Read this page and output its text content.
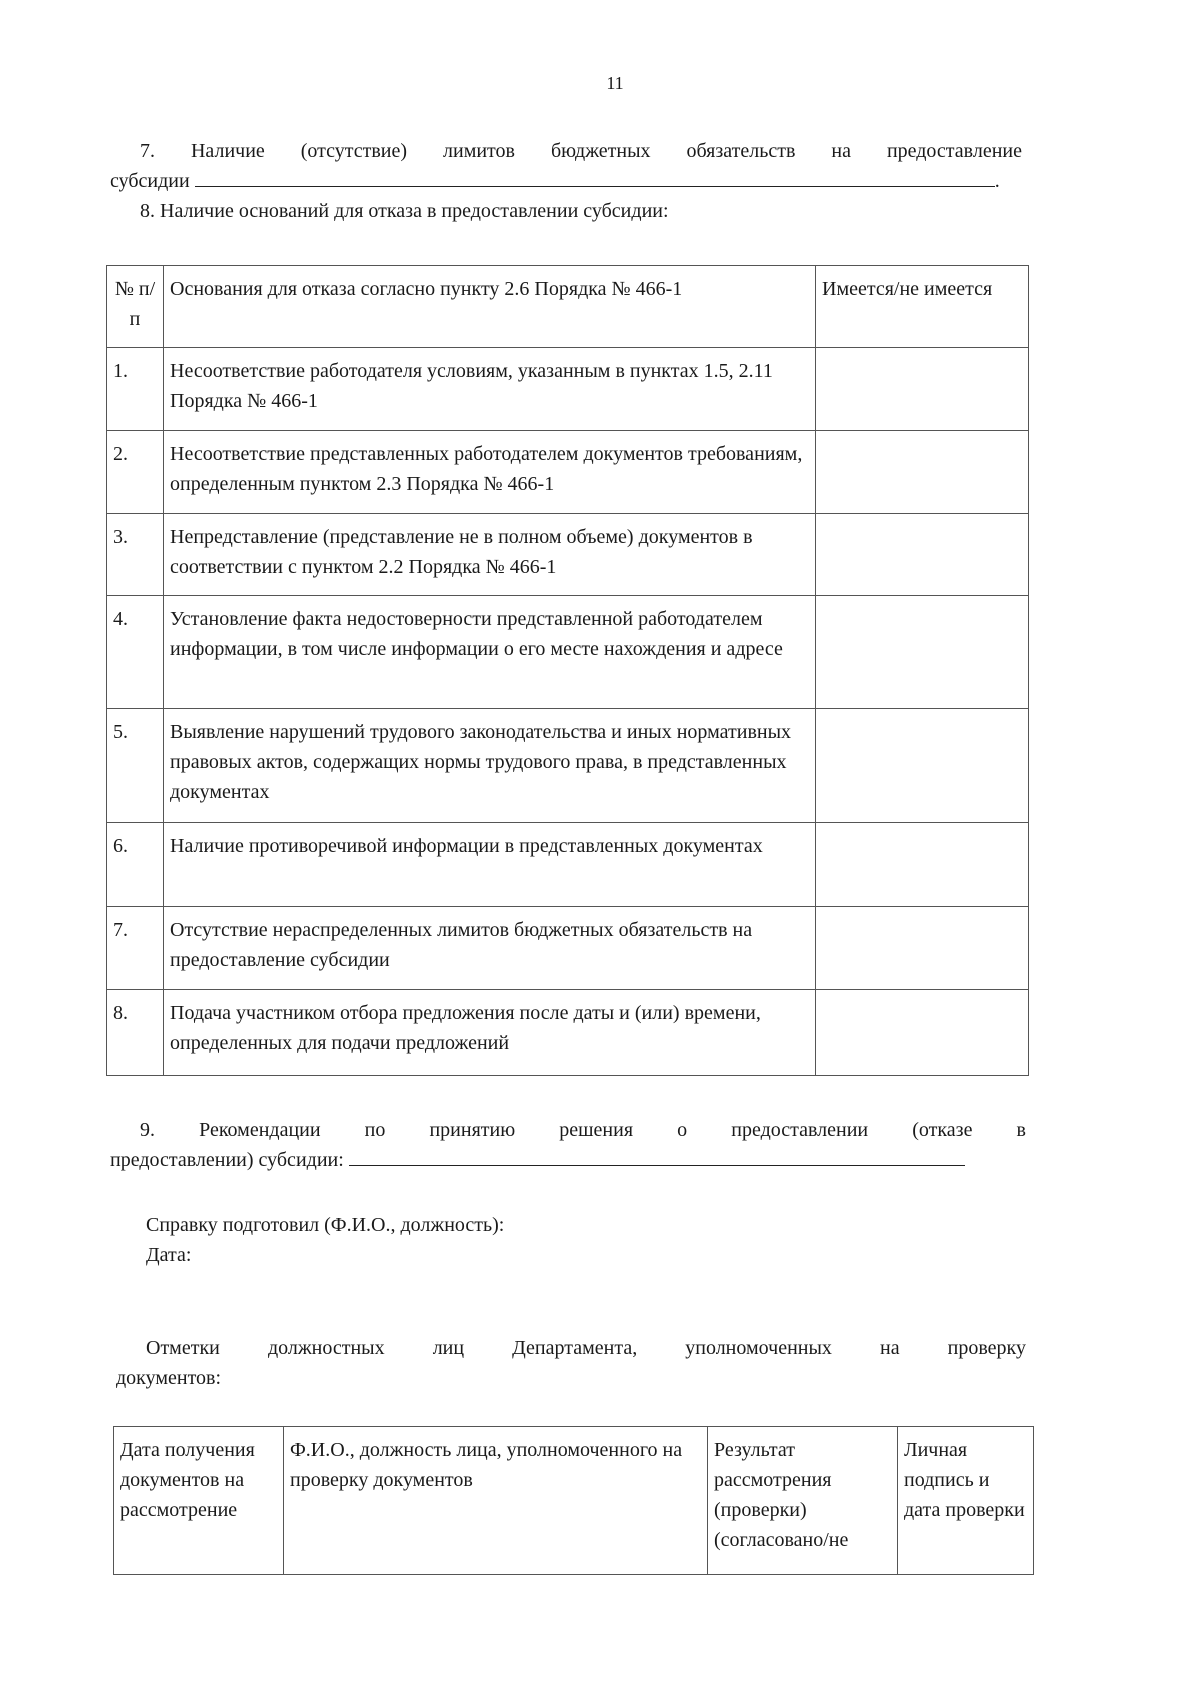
11
7. Наличие (отсутствие) лимитов бюджетных обязательств на предоставление
субсидии	.
8. Наличие оснований для отказа в предоставлении субсидии:
№ п/п	Основания для отказа согласно пункту 2.6 Порядка № 466-1	Имеется/не имеется
1.	Несоответствие работодателя условиям, указанным в пунктах 1.5, 2.11 Порядка № 466-1	
2.	Несоответствие представленных работодателем документов требованиям, определенным пунктом 2.3 Порядка № 466-1	
3.	Непредставление (представление не в полном объеме) документов в соответствии с пунктом 2.2 Порядка № 466-1	
4.	Установление факта недостоверности представленной работодателем информации, в том числе информации о его месте нахождения и адресе	
5.	Выявление нарушений трудового законодательства и иных нормативных правовых актов, содержащих нормы трудового права, в представленных документах	
6.	Наличие противоречивой информации в представленных документах	
7.	Отсутствие нераспределенных лимитов бюджетных обязательств на предоставление субсидии	
8.	Подача участником отбора предложения после даты и (или) времени, определенных для подачи предложений	
9. Рекомендации по принятию решения о предоставлении (отказе в
предоставлении) субсидии:
Справку подготовил (Ф.И.О., должность):
Дата:
Отметки должностных лиц Департамента, уполномоченных на проверку
документов:
Дата получения документов на рассмотрение	Ф.И.О., должность лица, уполномоченного на проверку документов	Результат рассмотрения (проверки) (согласовано/не	Личная подпись и дата проверки
